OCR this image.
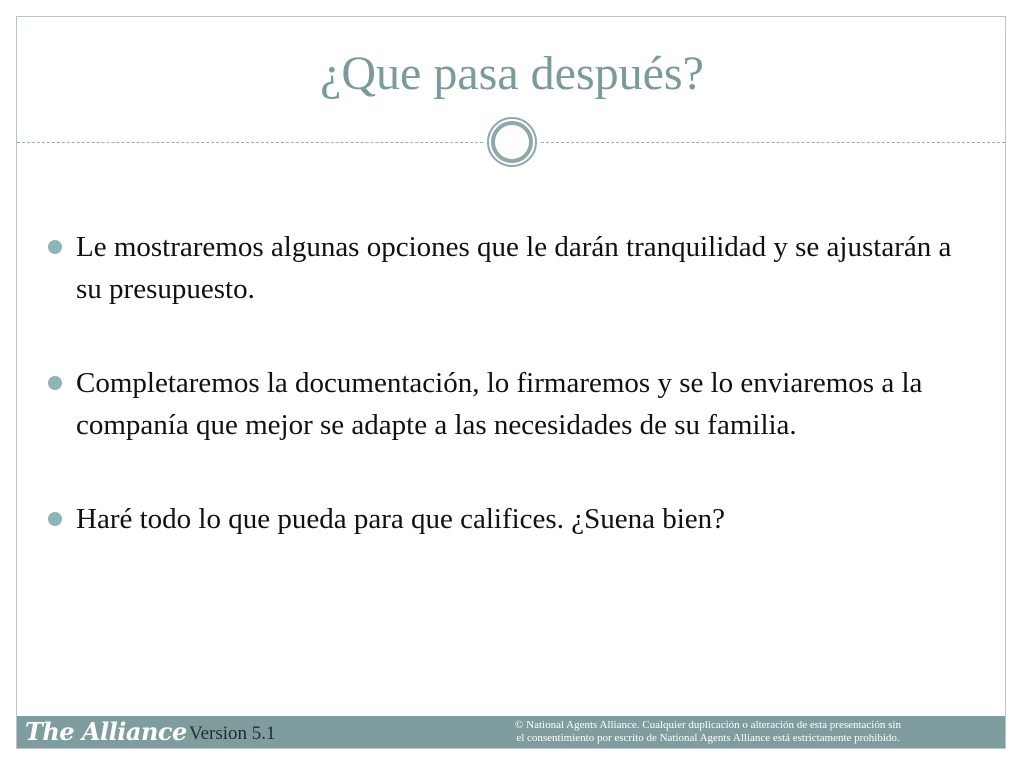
¿Que pasa después?
Le mostraremos algunas opciones que le darán tranquilidad y se ajustarán a su presupuesto.
Completaremos la documentación, lo firmaremos y se lo enviaremos a la companía que mejor se adapte a las necesidades de su familia.
Haré todo lo que pueda para que califices. ¿Suena bien?
The Alliance Version 5.1	© National Agents Alliance. Cualquier duplicación o alteración de esta presentación sin
el consentimiento por escrito de National Agents Alliance está estrictamente prohibido.
